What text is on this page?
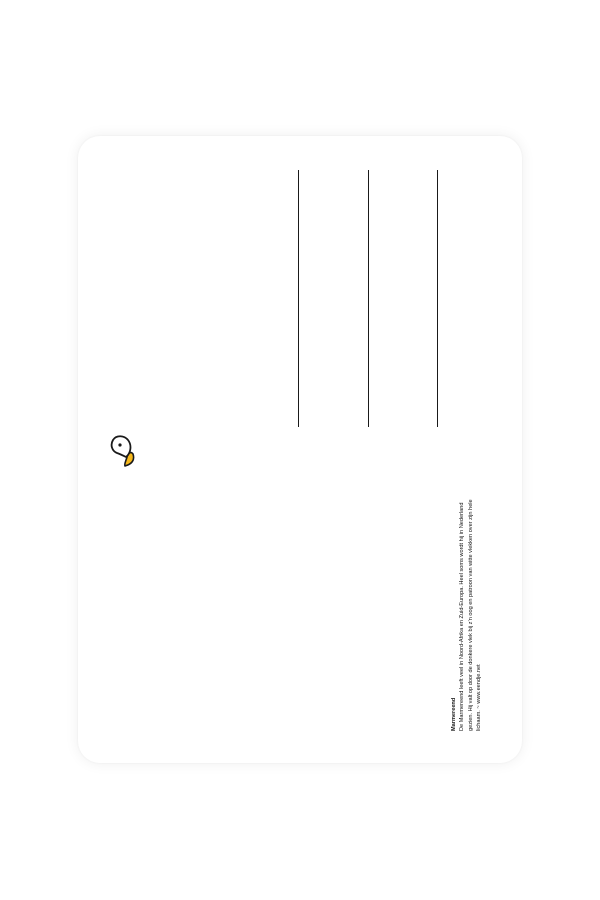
Marmereend De Marmereend leeft veel in Noord-Afrika en Zuid-Europa. Heel soms wordt hij in Nederland gezien. Hij valt op door de donkere vlek bij z’n oog en patroon van witte vlekken over zijn hele lichaam. ~ www.eendje.net
